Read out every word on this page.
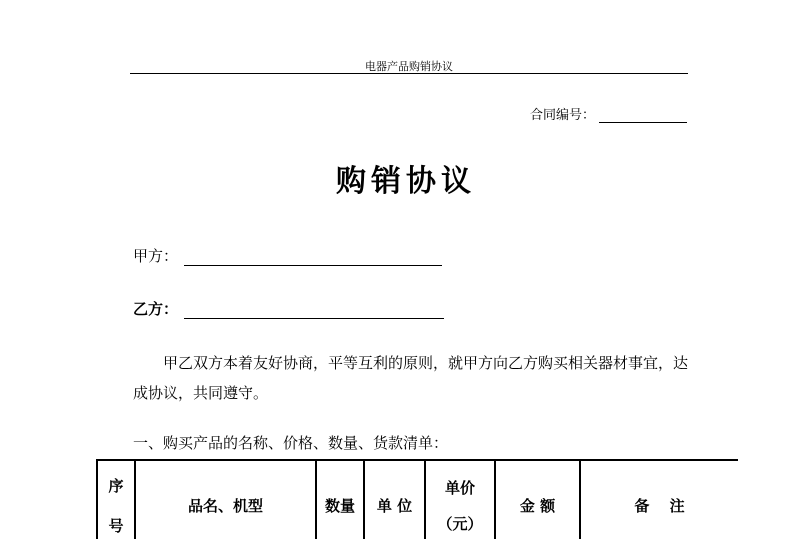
电器产品购销协议
合同编号：
购销协议
甲方：
乙方：
甲乙双方本着友好协商，平等互利的原则，就甲方向乙方购买相关器材事宜，达成协议，共同遵守。
一、购买产品的名称、价格、数量、货款清单：
序号	品名、机型	数量	单 位	单价（元）	金 额	备　 注
